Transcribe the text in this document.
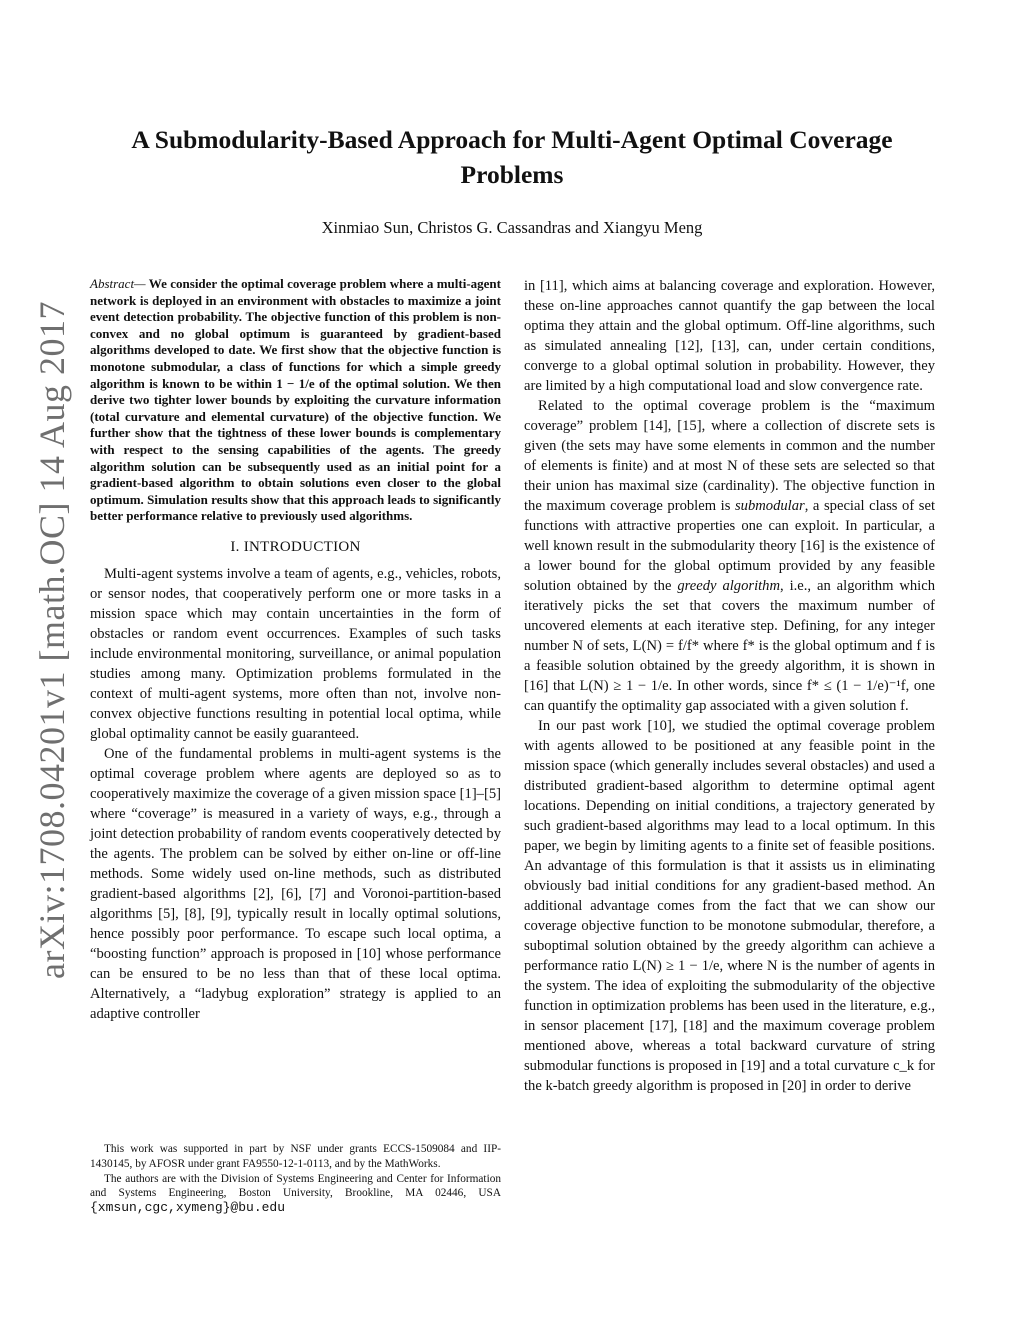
arXiv:1708.04201v1 [math.OC] 14 Aug 2017
A Submodularity-Based Approach for Multi-Agent Optimal Coverage Problems
Xinmiao Sun, Christos G. Cassandras and Xiangyu Meng
Abstract— We consider the optimal coverage problem where a multi-agent network is deployed in an environment with obstacles to maximize a joint event detection probability. The objective function of this problem is non-convex and no global optimum is guaranteed by gradient-based algorithms developed to date. We first show that the objective function is monotone submodular, a class of functions for which a simple greedy algorithm is known to be within 1 − 1/e of the optimal solution. We then derive two tighter lower bounds by exploiting the curvature information (total curvature and elemental curvature) of the objective function. We further show that the tightness of these lower bounds is complementary with respect to the sensing capabilities of the agents. The greedy algorithm solution can be subsequently used as an initial point for a gradient-based algorithm to obtain solutions even closer to the global optimum. Simulation results show that this approach leads to significantly better performance relative to previously used algorithms.
I. INTRODUCTION

Multi-agent systems involve a team of agents, e.g., vehicles, robots, or sensor nodes, that cooperatively perform one or more tasks in a mission space which may contain uncertainties in the form of obstacles or random event occurrences. Examples of such tasks include environmental monitoring, surveillance, or animal population studies among many. Optimization problems formulated in the context of multi-agent systems, more often than not, involve non-convex objective functions resulting in potential local optima, while global optimality cannot be easily guaranteed.

One of the fundamental problems in multi-agent systems is the optimal coverage problem where agents are deployed so as to cooperatively maximize the coverage of a given mission space [1]–[5] where “coverage” is measured in a variety of ways, e.g., through a joint detection probability of random events cooperatively detected by the agents. The problem can be solved by either on-line or off-line methods. Some widely used on-line methods, such as distributed gradient-based algorithms [2], [6], [7] and Voronoi-partition-based algorithms [5], [8], [9], typically result in locally optimal solutions, hence possibly poor performance. To escape such local optima, a “boosting function” approach is proposed in [10] whose performance can be ensured to be no less than that of these local optima. Alternatively, a “ladybug exploration” strategy is applied to an adaptive controller

This work was supported in part by NSF under grants ECCS-1509084 and IIP-1430145, by AFOSR under grant FA9550-12-1-0113, and by the MathWorks.

The authors are with the Division of Systems Engineering and Center for Information and Systems Engineering, Boston University, Brookline, MA 02446, USA {xmsun,cgc,xymeng}@bu.edu

in [11], which aims at balancing coverage and exploration. However, these on-line approaches cannot quantify the gap between the local optima they attain and the global optimum. Off-line algorithms, such as simulated annealing [12], [13], can, under certain conditions, converge to a global optimal solution in probability. However, they are limited by a high computational load and slow convergence rate.

Related to the optimal coverage problem is the “maximum coverage” problem [14], [15], where a collection of discrete sets is given (the sets may have some elements in common and the number of elements is finite) and at most N of these sets are selected so that their union has maximal size (cardinality). The objective function in the maximum coverage problem is submodular, a special class of set functions with attractive properties one can exploit. In particular, a well known result in the submodularity theory [16] is the existence of a lower bound for the global optimum provided by any feasible solution obtained by the greedy algorithm, i.e., an algorithm which iteratively picks the set that covers the maximum number of uncovered elements at each iterative step. Defining, for any integer number N of sets, L(N) = f/f* where f* is the global optimum and f is a feasible solution obtained by the greedy algorithm, it is shown in [16] that L(N) ≥ 1 − 1/e. In other words, since f* ≤ (1 − 1/e)⁻¹f, one can quantify the optimality gap associated with a given solution f.

In our past work [10], we studied the optimal coverage problem with agents allowed to be positioned at any feasible point in the mission space (which generally includes several obstacles) and used a distributed gradient-based algorithm to determine optimal agent locations. Depending on initial conditions, a trajectory generated by such gradient-based algorithms may lead to a local optimum. In this paper, we begin by limiting agents to a finite set of feasible positions. An advantage of this formulation is that it assists us in eliminating obviously bad initial conditions for any gradient-based method. An additional advantage comes from the fact that we can show our coverage objective function to be monotone submodular, therefore, a suboptimal solution obtained by the greedy algorithm can achieve a performance ratio L(N) ≥ 1 − 1/e, where N is the number of agents in the system. The idea of exploiting the submodularity of the objective function in optimization problems has been used in the literature, e.g., in sensor placement [17], [18] and the maximum coverage problem mentioned above, whereas a total backward curvature of string submodular functions is proposed in [19] and a total curvature c_k for the k-batch greedy algorithm is proposed in [20] in order to derive
